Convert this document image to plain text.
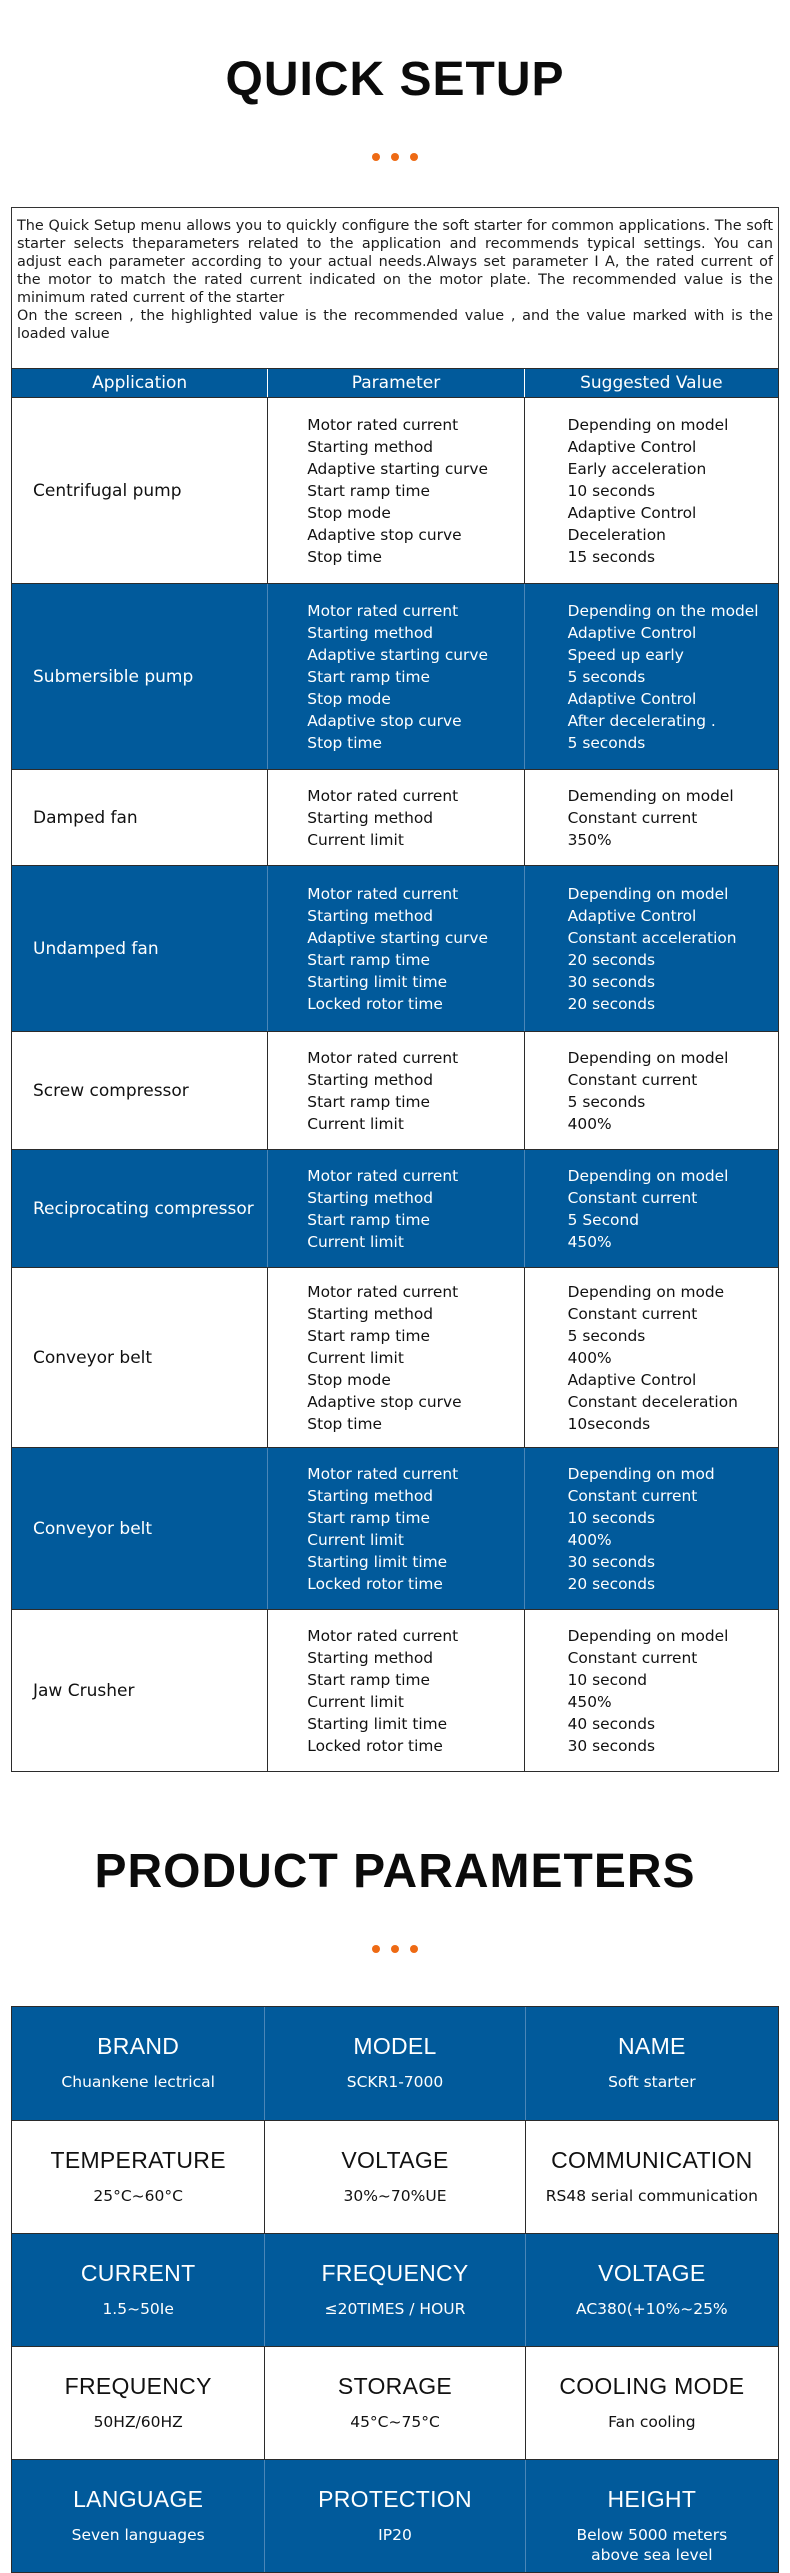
QUICK SETUP
The Quick Setup menu allows you to quickly configure the soft starter for common applications. The soft starter selects theparameters related to the application and recommends typical settings. You can adjust each parameter according to your actual needs.Always set parameter I A, the rated current of the motor to match the rated current indicated on the motor plate. The recommended value is the minimum rated current of the starter
On the screen , the highlighted value is the recommended value , and the value marked with is the loaded value
Application	Parameter	Suggested Value
Centrifugal pump
Motor rated current
Starting method
Adaptive starting curve
Start ramp time
Stop mode
Adaptive stop curve
Stop time
Depending on model
Adaptive Control
Early acceleration
10 seconds
Adaptive Control
Deceleration
15 seconds
Submersible pump
Motor rated current
Starting method
Adaptive starting curve
Start ramp time
Stop mode
Adaptive stop curve
Stop time
Depending on the model
Adaptive Control
Speed up early
5 seconds
Adaptive Control
After decelerating .
5 seconds
Damped fan
Motor rated current
Starting method
Current limit
Demending on model
Constant current
350%
Undamped fan
Motor rated current
Starting method
Adaptive starting curve
Start ramp time
Starting limit time
Locked rotor time
Depending on model
Adaptive Control
Constant acceleration
20 seconds
30 seconds
20 seconds
Screw compressor
Motor rated current
Starting method
Start ramp time
Current limit
Depending on model
Constant current
5 seconds
400%
Reciprocating compressor
Motor rated current
Starting method
Start ramp time
Current limit
Depending on model
Constant current
5 Second
450%
Conveyor belt
Motor rated current
Starting method
Start ramp time
Current limit
Stop mode
Adaptive stop curve
Stop time
Depending on mode
Constant current
5 seconds
400%
Adaptive Control
Constant deceleration
10seconds
Conveyor belt
Motor rated current
Starting method
Start ramp time
Current limit
Starting limit time
Locked rotor time
Depending on mod
Constant current
10 seconds
400%
30 seconds
20 seconds
Jaw Crusher
Motor rated current
Starting method
Start ramp time
Current limit
Starting limit time
Locked rotor time
Depending on model
Constant current
10 second
450%
40 seconds
30 seconds
PRODUCT PARAMETERS
BRAND
Chuankene lectrical
MODEL
SCKR1-7000
NAME
Soft starter
TEMPERATURE
25°C~60°C
VOLTAGE
30%~70%UE
COMMUNICATION
RS48 serial communication
CURRENT
1.5~50Ie
FREQUENCY
≤20TIMES / HOUR
VOLTAGE
AC380(+10%~25%
FREQUENCY
50HZ/60HZ
STORAGE
45°C~75°C
COOLING MODE
Fan cooling
LANGUAGE
Seven languages
PROTECTION
IP20
HEIGHT
Below 5000 meters
above sea level
